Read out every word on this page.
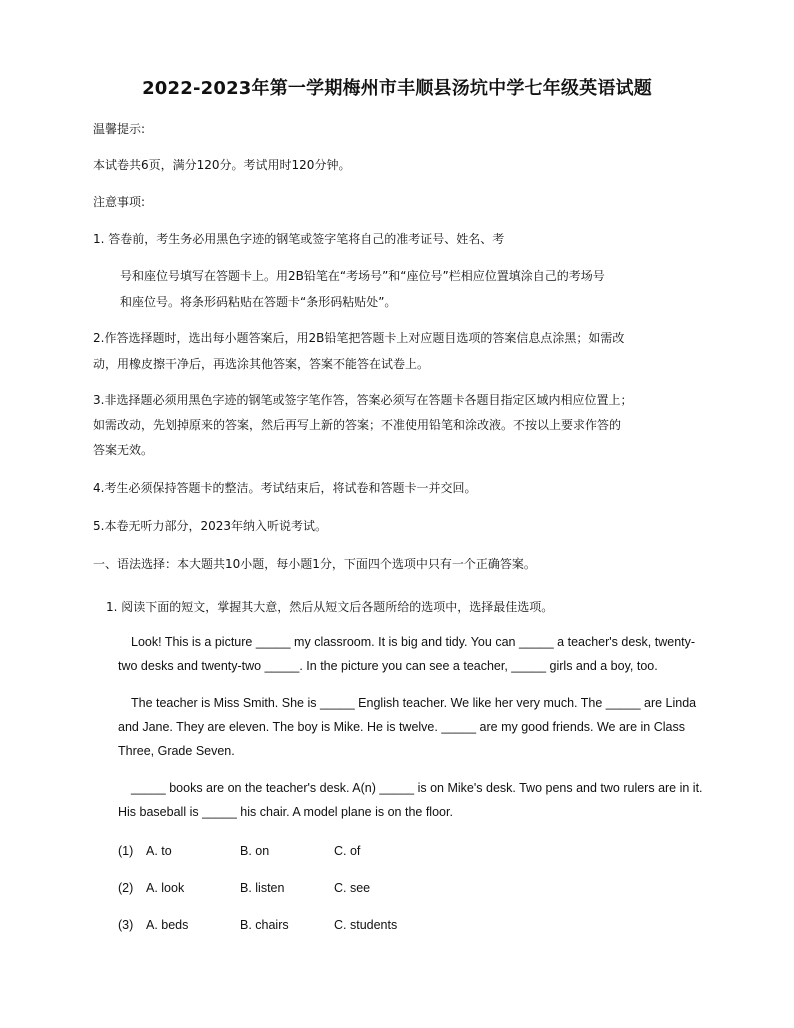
2022-2023年第一学期梅州市丰顺县汤坑中学七年级英语试题
温馨提示:
本试卷共6页，满分120分。考试用时120分钟。
注意事项:
1. 答卷前，考生务必用黑色字迹的钢笔或签字笔将自己的准考证号、姓名、考
号和座位号填写在答题卡上。用2B铅笔在“考场号”和“座位号”栏相应位置填涂自己的考场号
和座位号。将条形码粘贴在答题卡“条形码粘贴处”。
2.作答选择题时，选出每小题答案后，用2B铅笔把答题卡上对应题目选项的答案信息点涂黑；如需改
动，用橡皮擦干净后，再选涂其他答案，答案不能答在试卷上。
3.非选择题必须用黑色字迹的钢笔或签字笔作答，答案必须写在答题卡各题目指定区域内相应位置上；
如需改动，先划掉原来的答案，然后再写上新的答案；不准使用铅笔和涂改液。不按以上要求作答的
答案无效。
4.考生必须保持答题卡的整洁。考试结束后，将试卷和答题卡一并交回。
5.本卷无听力部分，2023年纳入听说考试。
一、语法选择：本大题共10小题，每小题1分，下面四个选项中只有一个正确答案。
1. 阅读下面的短文，掌握其大意，然后从短文后各题所给的选项中，选择最佳选项。
Look! This is a picture _____ my classroom. It is big and tidy. You can _____ a teacher's desk, twenty-
two desks and twenty-two _____. In the picture you can see a teacher, _____ girls and a boy, too.
The teacher is Miss Smith. She is _____ English teacher. We like her very much. The _____ are Linda
and Jane. They are eleven. The boy is Mike. He is twelve. _____ are my good friends. We are in Class
Three, Grade Seven.
_____ books are on the teacher's desk. A(n) _____ is on Mike's desk. Two pens and two rulers are in it.
His baseball is _____ his chair. A model plane is on the floor.
(1) A. to	B. on	C. of
(2) A. look	B. listen	C. see
(3) A. beds	B. chairs	C. students
